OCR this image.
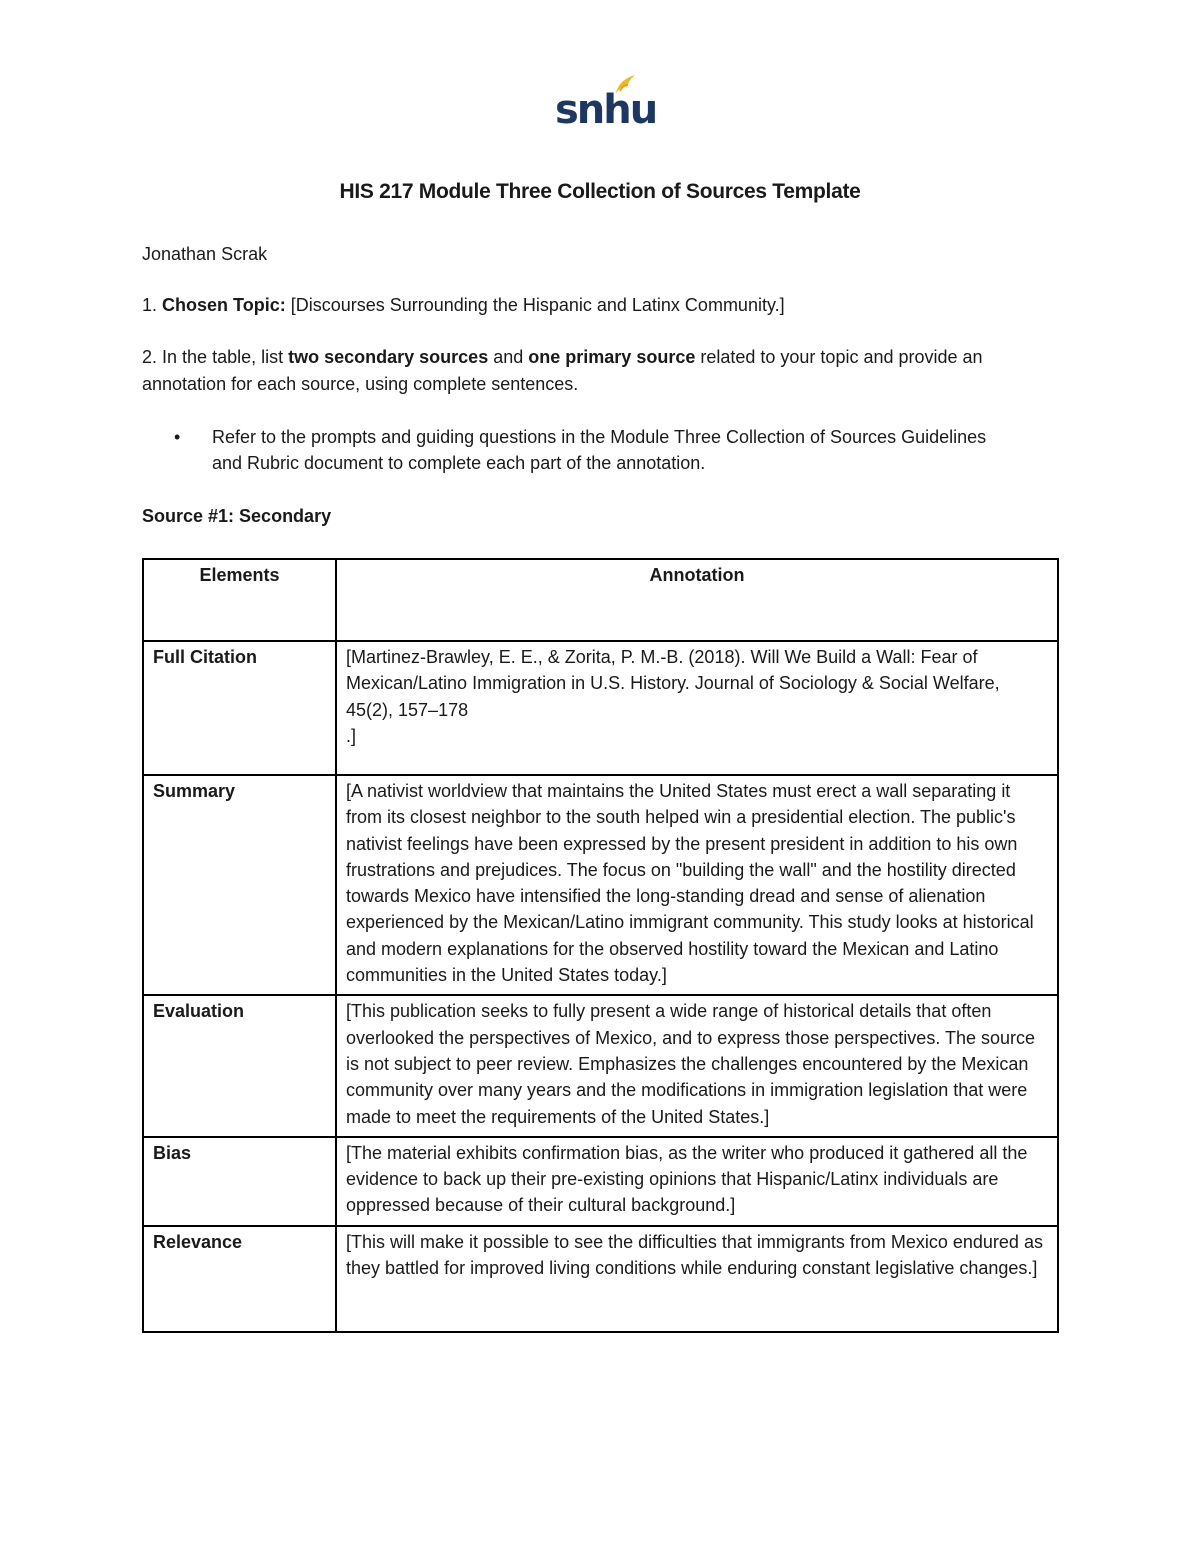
snhu
HIS 217 Module Three Collection of Sources Template
Jonathan Scrak
1. Chosen Topic: [Discourses Surrounding the Hispanic and Latinx Community.]
2. In the table, list two secondary sources and one primary source related to your topic and provide an annotation for each source, using complete sentences.
• Refer to the prompts and guiding questions in the Module Three Collection of Sources Guidelines and Rubric document to complete each part of the annotation.
Source #1: Secondary
Elements	Annotation
Full Citation	[Martinez-Brawley, E. E., & Zorita, P. M.-B. (2018). Will We Build a Wall: Fear of Mexican/Latino Immigration in U.S. History. Journal of Sociology & Social Welfare, 45(2), 157–178
.]

Summary	[A nativist worldview that maintains the United States must erect a wall separating it from its closest neighbor to the south helped win a presidential election. The public's nativist feelings have been expressed by the present president in addition to his own frustrations and prejudices. The focus on "building the wall" and the hostility directed towards Mexico have intensified the long-standing dread and sense of alienation experienced by the Mexican/Latino immigrant community. This study looks at historical and modern explanations for the observed hostility toward the Mexican and Latino communities in the United States today.]
Evaluation	[This publication seeks to fully present a wide range of historical details that often overlooked the perspectives of Mexico, and to express those perspectives. The source is not subject to peer review. Emphasizes the challenges encountered by the Mexican community over many years and the modifications in immigration legislation that were made to meet the requirements of the United States.]
Bias	[The material exhibits confirmation bias, as the writer who produced it gathered all the evidence to back up their pre-existing opinions that Hispanic/Latinx individuals are oppressed because of their cultural background.]
Relevance	[This will make it possible to see the difficulties that immigrants from Mexico endured as they battled for improved living conditions while enduring constant legislative changes.]
